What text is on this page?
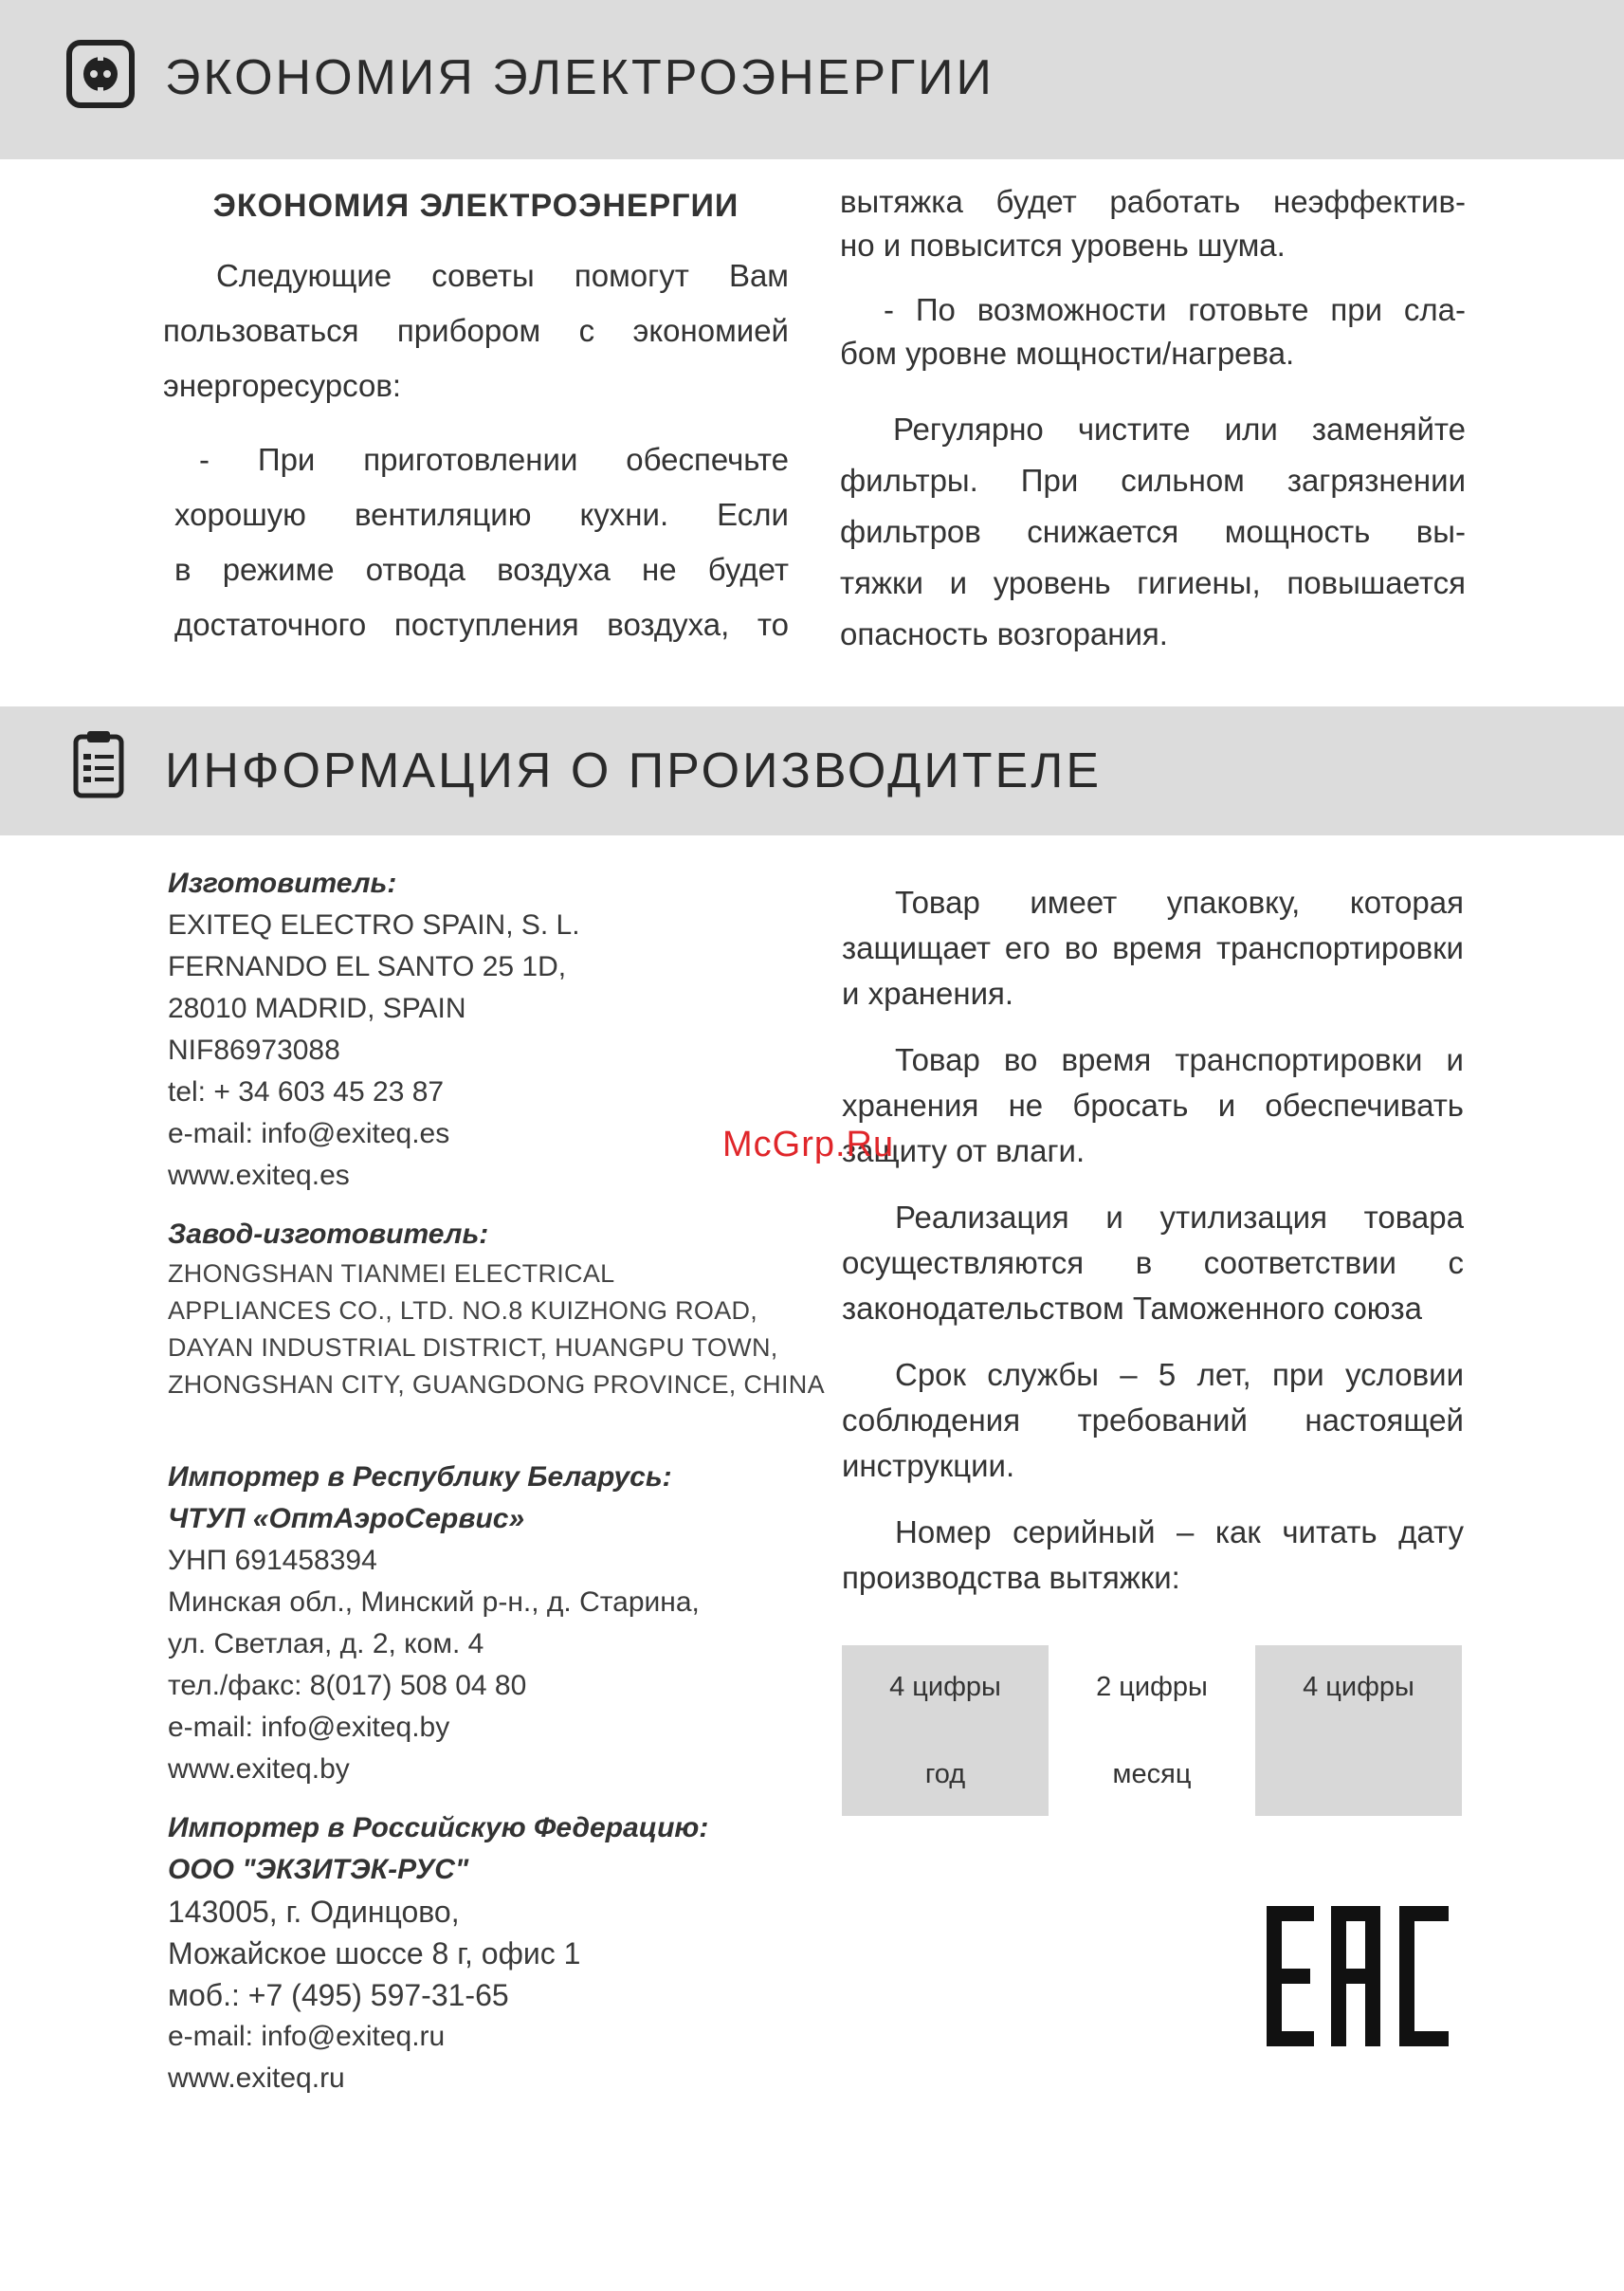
ЭКОНОМИЯ ЭЛЕКТРОЭНЕРГИИ
ЭКОНОМИЯ ЭЛЕКТРОЭНЕРГИИ
Следующие советы помогут Вам
пользоваться прибором с экономией
энергоресурсов:
- При приготовлении обеспечьте
хорошую вентиляцию кухни. Если
в режиме отвода воздуха не будет
достаточного поступления воздуха, то
вытяжка будет работать неэффектив-
но и повысится уровень шума.
- По возможности готовьте при сла-
бом уровне мощности/нагрева.
Регулярно чистите или заменяйте
фильтры. При сильном загрязнении
фильтров снижается мощность вы-
тяжки и уровень гигиены, повышается
опасность возгорания.
ИНФОРМАЦИЯ О ПРОИЗВОДИТЕЛЕ
Изготовитель:
EXITEQ ELECTRO SPAIN, S. L.
FERNANDO EL SANTO 25 1D,
28010 MADRID, SPAIN
NIF86973088
tel: + 34 603 45 23 87
e-mail: info@exiteq.es
www.exiteq.es
Завод-изготовитель:
ZHONGSHAN TIANMEI ELECTRICAL
APPLIANCES CO., LTD. NO.8 KUIZHONG ROAD,
DAYAN INDUSTRIAL DISTRICT, HUANGPU TOWN,
ZHONGSHAN CITY, GUANGDONG PROVINCE, CHINA
Импортер в Республику Беларусь:
ЧТУП «ОптАэроСервис»
УНП 691458394
Минская обл., Минский р-н., д. Старина,
ул. Светлая, д. 2, ком. 4
тел./факс: 8(017) 508 04 80
e-mail: info@exiteq.by
www.exiteq.by
Импортер в Российскую Федерацию:
ООО "ЭКЗИТЭК-РУС"
143005, г. Одинцово,
Можайское шоссе 8 г, офис 1
моб.: +7 (495) 597-31-65
e-mail: info@exiteq.ru
www.exiteq.ru

Товар имеет упаковку, которая защищает его во время транспортировки и хранения.

Товар во время транспортировки и хранения не бросать и обеспечивать защиту от влаги.

Реализация и утилизация товара осуществляются в соответствии с законодательством Таможенного союза

Срок службы – 5 лет, при условии соблюдения требований настоящей инструкции.

Номер серийный – как читать дату производства вытяжки:

4 цифры
год
2 цифры
месяц
4 цифры
McGrp.Ru
